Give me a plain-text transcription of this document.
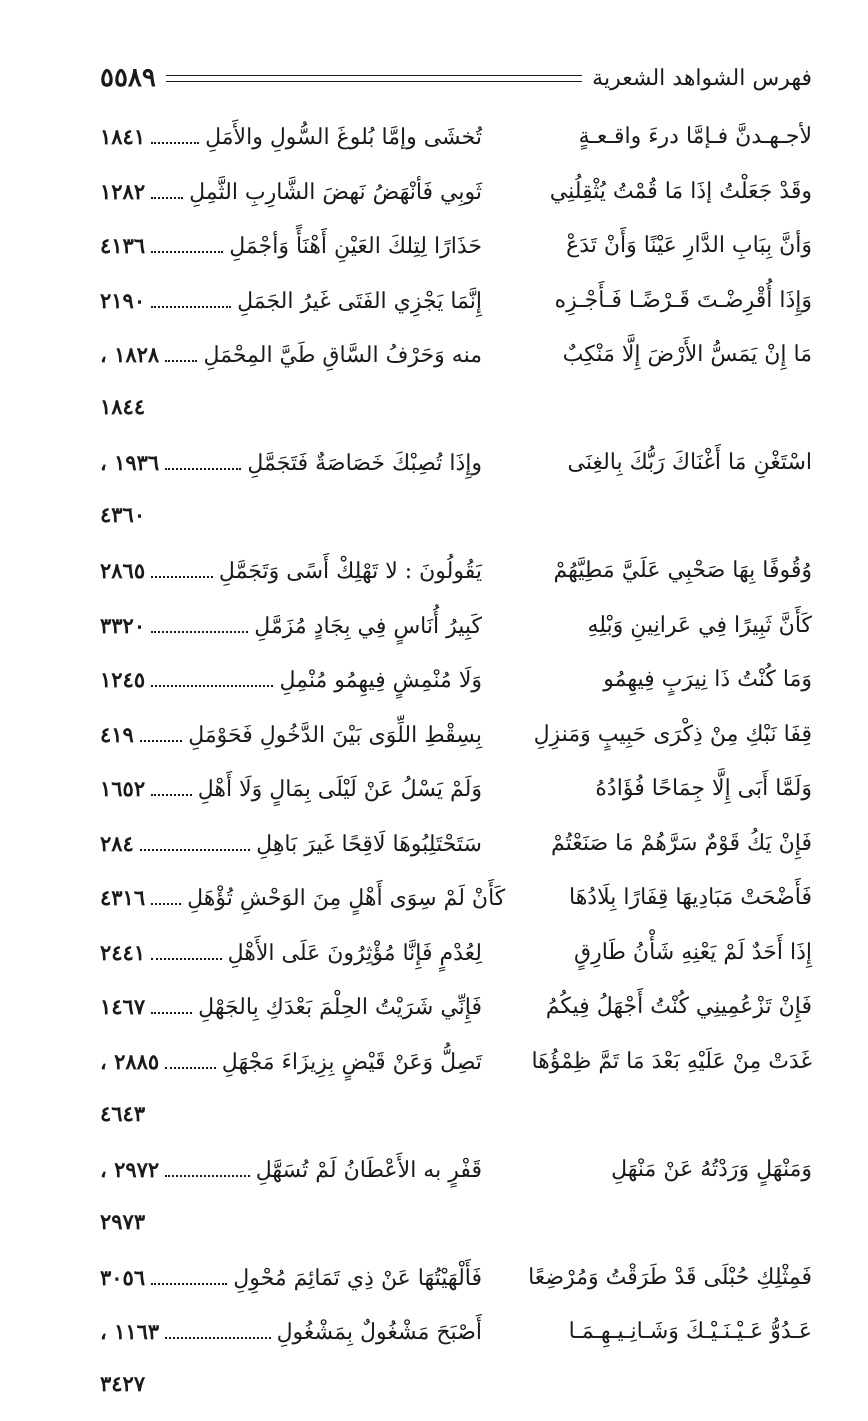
٥٥٨٩	فهرس الشواهد الشعرية
لأجـهـدنَّ فـإمَّا درءَ واقـعـةٍ
تُخشَى وإمَّا بُلوغَ السُّولِ والأَمَلِ
١٨٤١
وقَدْ جَعَلْتُ إذَا مَا قُمْتُ يُثْقِلُنِي
ثَوبِي فَأنْهَضُ نَهضَ الشَّارِبِ الثَّمِلِ
١٢٨٢
وَأنَّ بِبَابِ الدَّارِ عَيْنًا وَأَنْ تَدَعْ
حَذَارًا لِتِلكَ العَيْنِ أَهْنَأً وَأجْمَلِ
٤١٣٦
وَإِذَا أُقْرِضْـتَ قَـرْضًـا فَـأَجْـزِه
إِنَّمَا يَجْزِي الفَتَى غَيرُ الجَمَلِ
٢١٩٠
مَا إِنْ يَمَسُّ الأَرْضَ إِلَّا مَنْكِبٌ
منه وَحَرْفُ السَّاقِ طَيَّ المِحْمَلِ
١٨٢٨ ،
١٨٤٤
اسْتَغْنِ مَا أَغْنَاكَ رَبُّكَ بِالغِنَى
وإِذَا تُصِبْكَ خَصَاصَةٌ فَتَجَمَّلِ
١٩٣٦ ،
٤٣٦٠
وُقُوفًا بِهَا صَحْبِي عَلَيَّ مَطِيَّهُمْ
يَقُولُونَ : لا تَهْلِكْ أَسًى وَتَجَمَّلِ
٢٨٦٥
كَأَنَّ ثَبِيرًا فِي عَرانِينِ وَبْلِهِ
كَبِيرُ أُنَاسٍ فِي بِجَادٍ مُزَمَّلِ
٣٣٢٠
وَمَا كُنْتُ ذَا نِيرَبٍ فِيهِمُو
وَلَا مُنْمِشٍ فِيهِمُو مُنْمِلِ
١٢٤٥
قِفَا نَبْكِ مِنْ ذِكْرَى حَبِيبٍ وَمَنزِلِ
بِسِقْطِ اللِّوَى بَيْنَ الدَّخُولِ فَحَوْمَلِ
٤١٩
وَلَمَّا أَبَى إِلَّا جِمَاحًا فُؤَادُهُ
وَلَمْ يَسْلُ عَنْ لَيْلَى بِمَالٍ وَلَا أَهْلِ
١٦٥٢
فَإِنْ يَكُ قَوْمٌ سَرَّهُمْ مَا صَنَعْتُمْ
سَتَحْتَلِبُوهَا لَاقِحًا غَيرَ بَاهِلِ
٢٨٤
فَأَضْحَتْ مَبَادِيهَا قِفَارًا بِلَادُهَا
كَأَنْ لَمْ سِوَى أَهْلٍ مِنَ الوَحْشِ تُؤْهَلِ
٤٣١٦
إِذَا أَحَدٌ لَمْ يَعْنِهِ شَأْنُ طَارِقٍ
لِعُدْمٍ فَإِنَّا مُؤْثِرُونَ عَلَى الأَهْلِ
٢٤٤١
فَإِنْ تَزْعُمِينِي كُنْتُ أَجْهَلُ فِيكُمُ
فَإِنِّي شَرَيْتُ الحِلْمَ بَعْدَكِ بِالجَهْلِ
١٤٦٧
غَدَتْ مِنْ عَلَيْهِ بَعْدَ مَا تَمَّ ظِمْؤُهَا
تَصِلُّ وَعَنْ قَيْضٍ بِزِيزَاءَ مَجْهَلِ
٢٨٨٥ ،
٤٦٤٣
وَمَنْهَلٍ وَرَدْتُهُ عَنْ مَنْهَلِ
قَفْرٍ به الأَعْطَانُ لَمْ تُسَهَّلِ
٢٩٧٢ ،
٢٩٧٣
فَمِثْلِكِ حُبْلَى قَدْ طَرَقْتُ وَمُرْضِعًا
فَأَلْهَيْتُهَا عَنْ ذِي تَمَائِمَ مُحْوِلِ
٣٠٥٦
عَـدُوُّ عَـيْـنَـيْـكَ وَشَـانِـيـهِـمَـا
أَصْبَحَ مَشْغُولٌ بِمَشْغُولِ
١١٦٣ ،
٣٤٢٧
